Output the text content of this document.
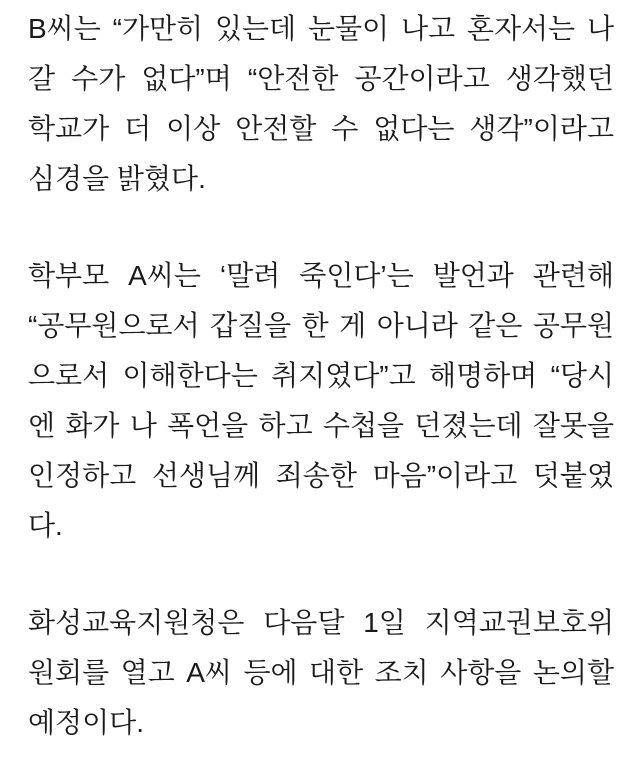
B씨는 “가만히 있는데 눈물이 나고 혼자서는 나
갈 수가 없다”며 “안전한 공간이라고 생각했던
학교가 더 이상 안전할 수 없다는 생각”이라고
심경을 밝혔다.
학부모 A씨는 ‘말려 죽인다’는 발언과 관련해
“공무원으로서 갑질을 한 게 아니라 같은 공무원
으로서 이해한다는 취지였다”고 해명하며 “당시
엔 화가 나 폭언을 하고 수첩을 던졌는데 잘못을
인정하고 선생님께 죄송한 마음”이라고 덧붙였
다.
화성교육지원청은 다음달 1일 지역교권보호위
원회를 열고 A씨 등에 대한 조치 사항을 논의할
예정이다.
